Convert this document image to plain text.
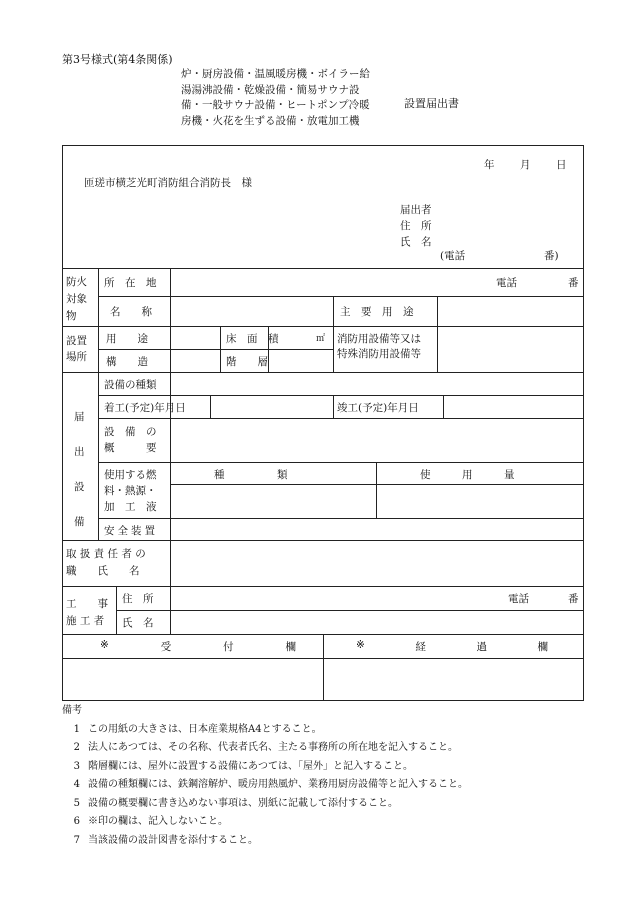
第3号様式(第4条関係)
炉・厨房設備・温風暖房機・ボイラー給
湯湯沸設備・乾燥設備・簡易サウナ設
備・一般サウナ設備・ヒートポンプ冷暖
房機・火花を生ずる設備・放電加工機
設置届出書
年 月 日
匝瑳市横芝光町消防組合消防長　様
届出者
住　所
氏　名
(電話	番)
防火
対象
物
所　在　地	電話	番
名　　称	主　要　用　途
設置
場所
用　　途	床　面　積	㎡
構　　造	階　　層
消防用設備等又は
特殊消防用設備等
届
出
設
備
設備の種類
着工(予定)年月日	竣工(予定)年月日
設　備　の
概　　　要
使用する燃
料・熱源・
加　工　液
種　　　　　類	使　　　用　　　量
安全装置
取 扱 責 任 者 の
職　　氏　　名
工　　事
施 工 者
住　所	電話	番
氏　名
※	受	付	欄	※	経	過	欄
備考
1 この用紙の大きさは、日本産業規格A4とすること。
2 法人にあつては、その名称、代表者氏名、主たる事務所の所在地を記入すること。
3 階層欄には、屋外に設置する設備にあつては、「屋外」と記入すること。
4 設備の種類欄には、鉄鋼溶解炉、暖房用熱風炉、業務用厨房設備等と記入すること。
5 設備の概要欄に書き込めない事項は、別紙に記載して添付すること。
6 ※印の欄は、記入しないこと。
7 当該設備の設計図書を添付すること。
